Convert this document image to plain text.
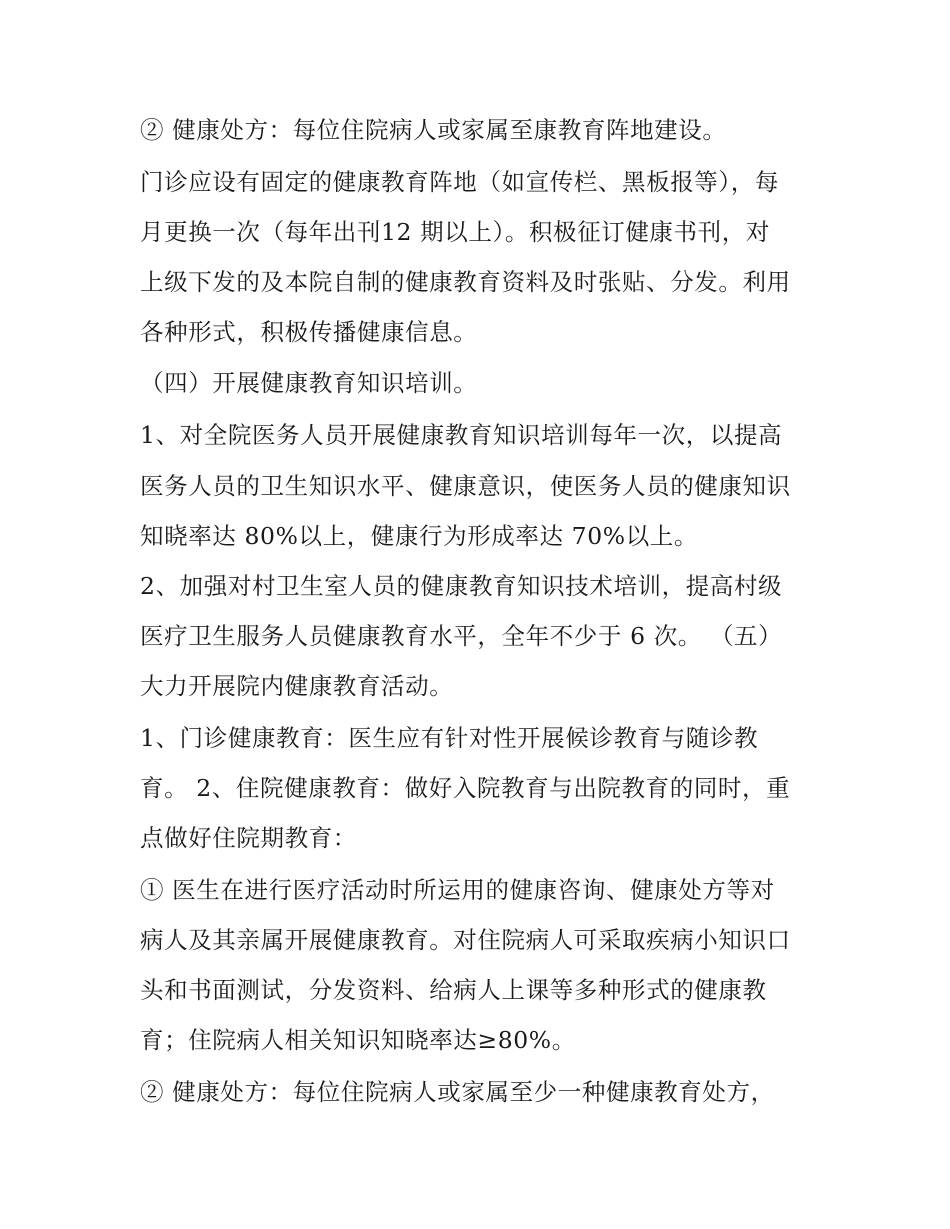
② 健康处方：每位住院病人或家属至康教育阵地建设。
门诊应设有固定的健康教育阵地（如宣传栏、黑板报等），每
月更换一次（每年出刊12 期以上）。积极征订健康书刊，对
上级下发的及本院自制的健康教育资料及时张贴、分发。利用
各种形式，积极传播健康信息。
（四）开展健康教育知识培训。
1、对全院医务人员开展健康教育知识培训每年一次，以提高
医务人员的卫生知识水平、健康意识，使医务人员的健康知识
知晓率达 80%以上，健康行为形成率达 70%以上。
2、加强对村卫生室人员的健康教育知识技术培训，提高村级
医疗卫生服务人员健康教育水平，全年不少于 6 次。 （五）
大力开展院内健康教育活动。
1、门诊健康教育：医生应有针对性开展候诊教育与随诊教
育。 2、住院健康教育：做好入院教育与出院教育的同时，重
点做好住院期教育：
① 医生在进行医疗活动时所运用的健康咨询、健康处方等对
病人及其亲属开展健康教育。对住院病人可采取疾病小知识口
头和书面测试，分发资料、给病人上课等多种形式的健康教
育；住院病人相关知识知晓率达≥80%。
② 健康处方：每位住院病人或家属至少一种健康教育处方，
